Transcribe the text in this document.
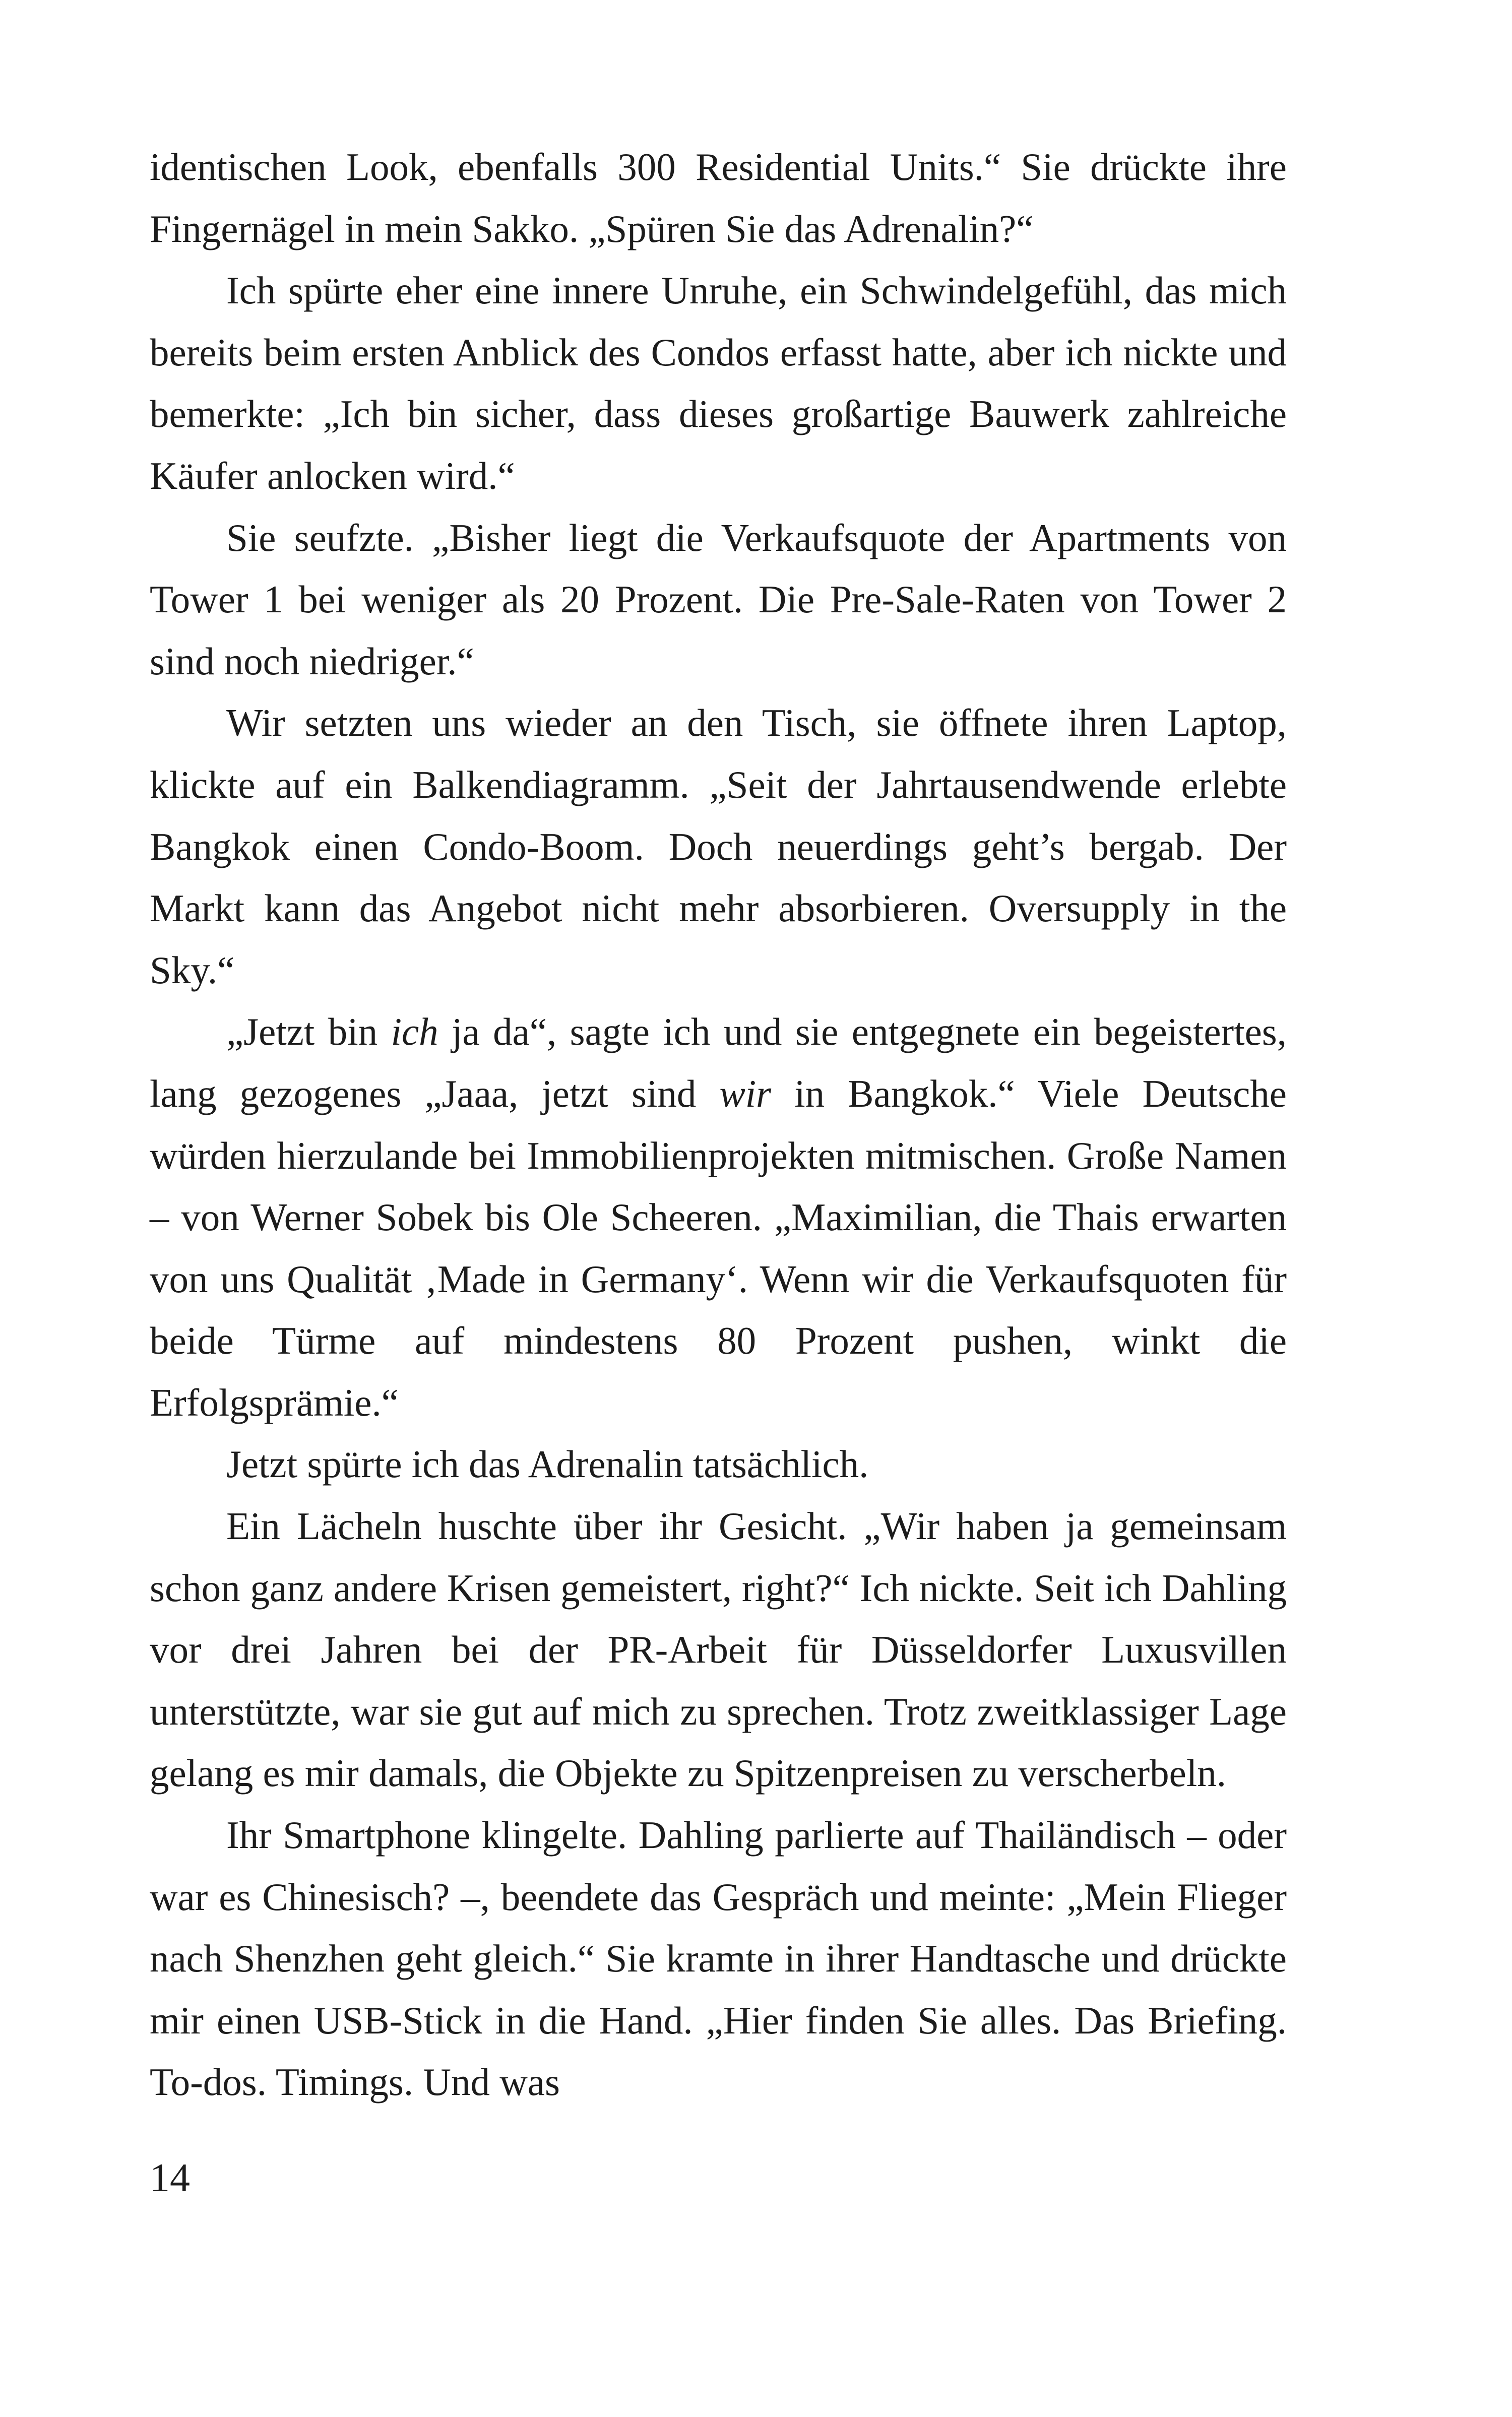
identischen Look, ebenfalls 300 Residential Units.“ Sie drückte ihre Fingernägel in mein Sakko. „Spüren Sie das Adrenalin?“

Ich spürte eher eine innere Unruhe, ein Schwindelgefühl, das mich bereits beim ersten Anblick des Condos erfasst hatte, aber ich nickte und bemerkte: „Ich bin sicher, dass dieses großartige Bauwerk zahlreiche Käufer anlocken wird.“

Sie seufzte. „Bisher liegt die Verkaufsquote der Apartments von Tower 1 bei weniger als 20 Prozent. Die Pre-Sale-Raten von Tower 2 sind noch niedriger.“

Wir setzten uns wieder an den Tisch, sie öffnete ihren Laptop, klickte auf ein Balkendiagramm. „Seit der Jahrtausendwende erlebte Bangkok einen Condo-Boom. Doch neuerdings geht’s bergab. Der Markt kann das Angebot nicht mehr absorbieren. Oversupply in the Sky.“

„Jetzt bin ich ja da“, sagte ich und sie entgegnete ein begeistertes, lang gezogenes „Jaaa, jetzt sind wir in Bangkok.“ Viele Deutsche würden hierzulande bei Immobilienprojekten mitmischen. Große Namen – von Werner Sobek bis Ole Scheeren. „Maximilian, die Thais erwarten von uns Qualität ‚Made in Germany‘. Wenn wir die Verkaufsquoten für beide Türme auf mindestens 80 Prozent pushen, winkt die Erfolgsprämie.“

Jetzt spürte ich das Adrenalin tatsächlich.

Ein Lächeln huschte über ihr Gesicht. „Wir haben ja gemeinsam schon ganz andere Krisen gemeistert, right?“ Ich nickte. Seit ich Dahling vor drei Jahren bei der PR-Arbeit für Düsseldorfer Luxusvillen unterstützte, war sie gut auf mich zu sprechen. Trotz zweitklassiger Lage gelang es mir damals, die Objekte zu Spitzenpreisen zu verscherbeln.

Ihr Smartphone klingelte. Dahling parlierte auf Thailändisch – oder war es Chinesisch? –, beendete das Gespräch und meinte: „Mein Flieger nach Shenzhen geht gleich.“ Sie kramte in ihrer Handtasche und drückte mir einen USB-Stick in die Hand. „Hier finden Sie alles. Das Briefing. To-dos. Timings. Und was

14
